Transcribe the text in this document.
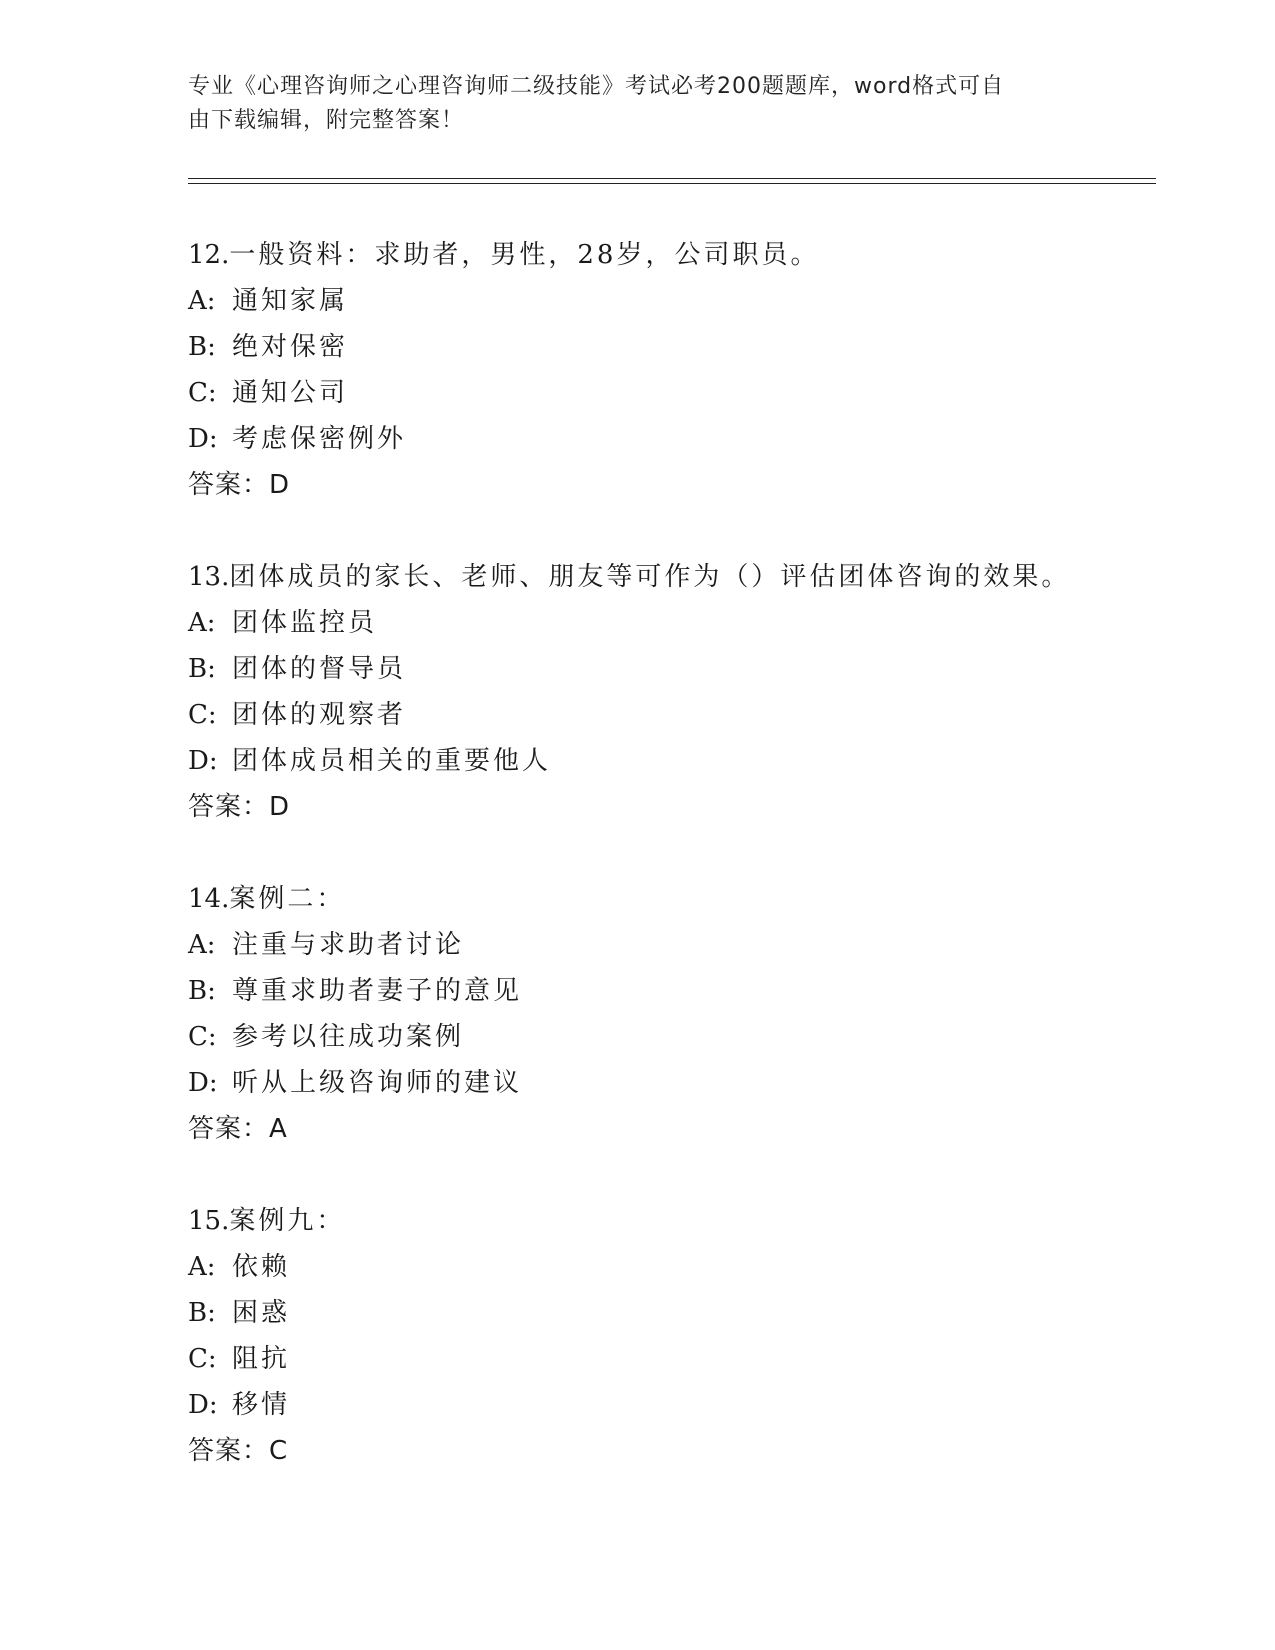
专业《心理咨询师之心理咨询师二级技能》考试必考200题题库，word格式可自
由下载编辑，附完整答案！
12.一般资料：求助者，男性，28岁，公司职员。
A: 通知家属
B: 绝对保密
C: 通知公司
D: 考虑保密例外
答案：D
13.团体成员的家长、老师、朋友等可作为（）评估团体咨询的效果。
A: 团体监控员
B: 团体的督导员
C: 团体的观察者
D: 团体成员相关的重要他人
答案：D
14.案例二：
A: 注重与求助者讨论
B: 尊重求助者妻子的意见
C: 参考以往成功案例
D: 听从上级咨询师的建议
答案：A
15.案例九：
A: 依赖
B: 困惑
C: 阻抗
D: 移情
答案：C
